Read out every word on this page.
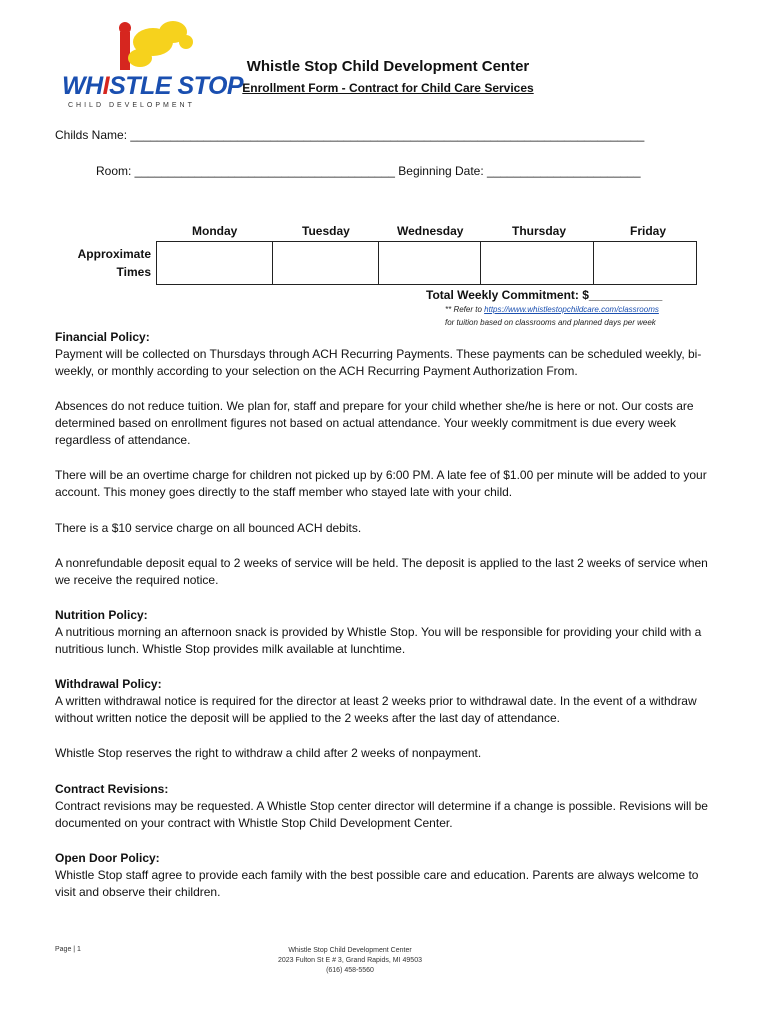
WHISTLE STOP
CHILD DEVELOPMENT
Whistle Stop Child Development Center
Enrollment Form - Contract for Child Care Services
Childs Name: _____________________________________________________________________________
Room: _______________________________________ Beginning Date: _______________________
Monday	Tuesday	Wednesday	Thursday	Friday
Approximate
Times

Total Weekly Commitment: $___________
** Refer to https://www.whistlestopchildcare.com/classrooms
for tuition based on classrooms and planned days per week
Financial Policy:

Payment will be collected on Thursdays through ACH Recurring Payments. These payments can be scheduled weekly, bi-weekly, or monthly according to your selection on the ACH Recurring Payment Authorization From.

Absences do not reduce tuition. We plan for, staff and prepare for your child whether she/he is here or not. Our costs are determined based on enrollment figures not based on actual attendance. Your weekly commitment is due every week regardless of attendance.

There will be an overtime charge for children not picked up by 6:00 PM. A late fee of $1.00 per minute will be added to your account. This money goes directly to the staff member who stayed late with your child.

There is a $10 service charge on all bounced ACH debits.

A nonrefundable deposit equal to 2 weeks of service will be held. The deposit is applied to the last 2 weeks of service when we receive the required notice.

Nutrition Policy:

A nutritious morning an afternoon snack is provided by Whistle Stop. You will be responsible for providing your child with a nutritious lunch. Whistle Stop provides milk available at lunchtime.

Withdrawal Policy:

A written withdrawal notice is required for the director at least 2 weeks prior to withdrawal date. In the event of a withdraw without written notice the deposit will be applied to the 2 weeks after the last day of attendance.

Whistle Stop reserves the right to withdraw a child after 2 weeks of nonpayment.

Contract Revisions:

Contract revisions may be requested. A Whistle Stop center director will determine if a change is possible. Revisions will be documented on your contract with Whistle Stop Child Development Center.

Open Door Policy:

Whistle Stop staff agree to provide each family with the best possible care and education. Parents are always welcome to visit and observe their children.

Page | 1	Whistle Stop Child Development Center
2023 Fulton St E # 3, Grand Rapids, MI 49503
(616) 458-5560
